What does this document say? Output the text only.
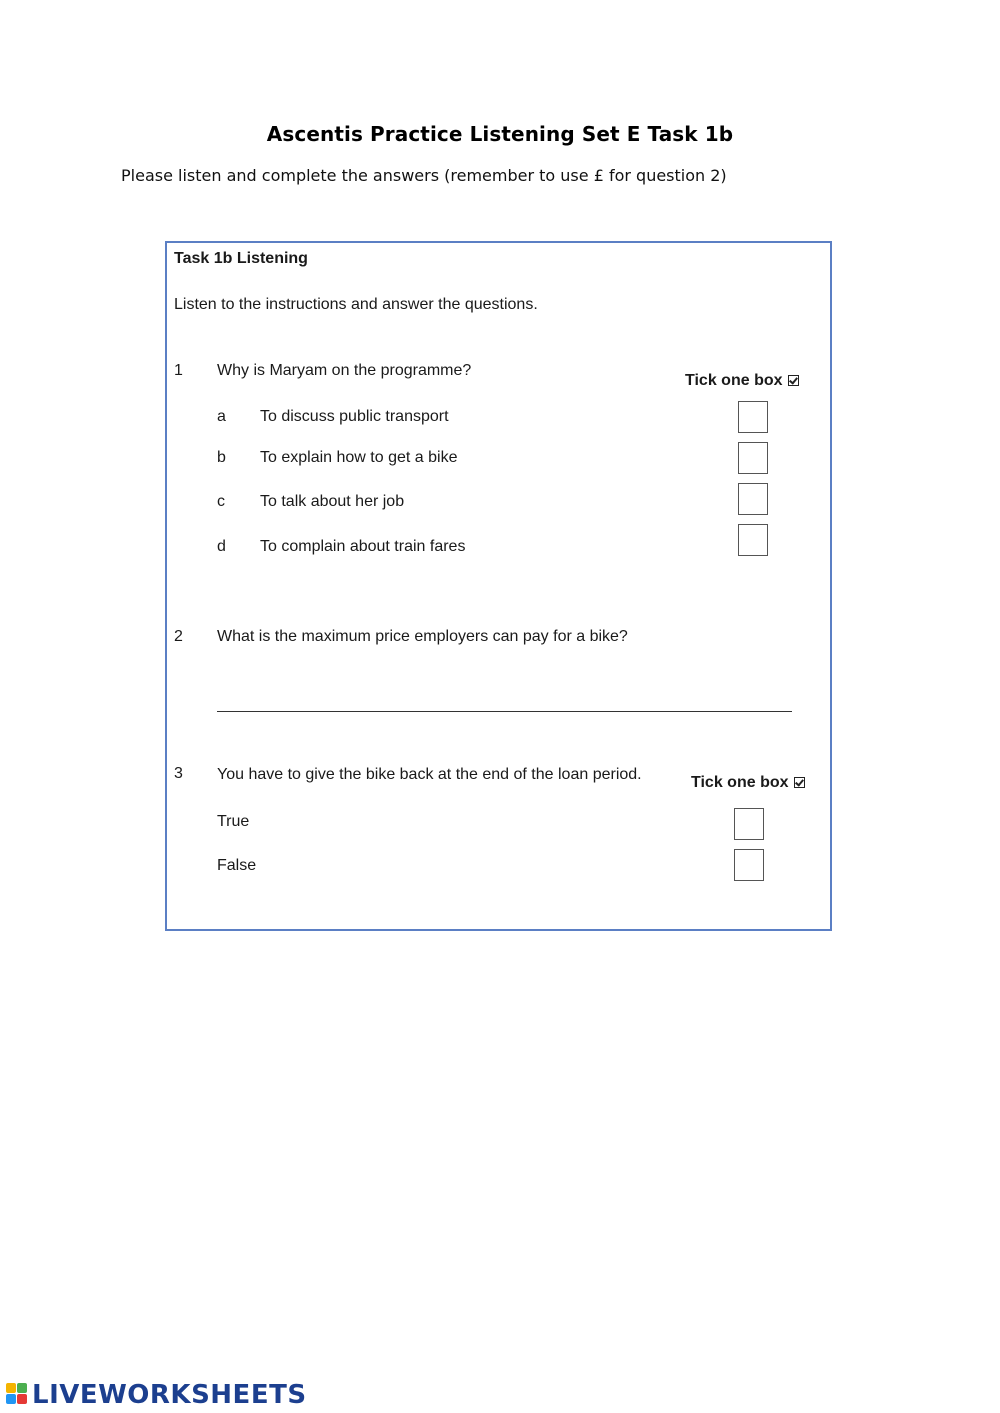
Ascentis Practice Listening Set E Task 1b
Please listen and complete the answers (remember to use £ for question 2)
Task 1b Listening
Listen to the instructions and answer the questions.
1 Why is Maryam on the programme?
Tick one box
a To discuss public transport
b To explain how to get a bike
c To talk about her job
d To complain about train fares
2 What is the maximum price employers can pay for a bike?
3 You have to give the bike back at the end of the loan period.	Tick one box
True
False
LIVEWORKSHEETS
